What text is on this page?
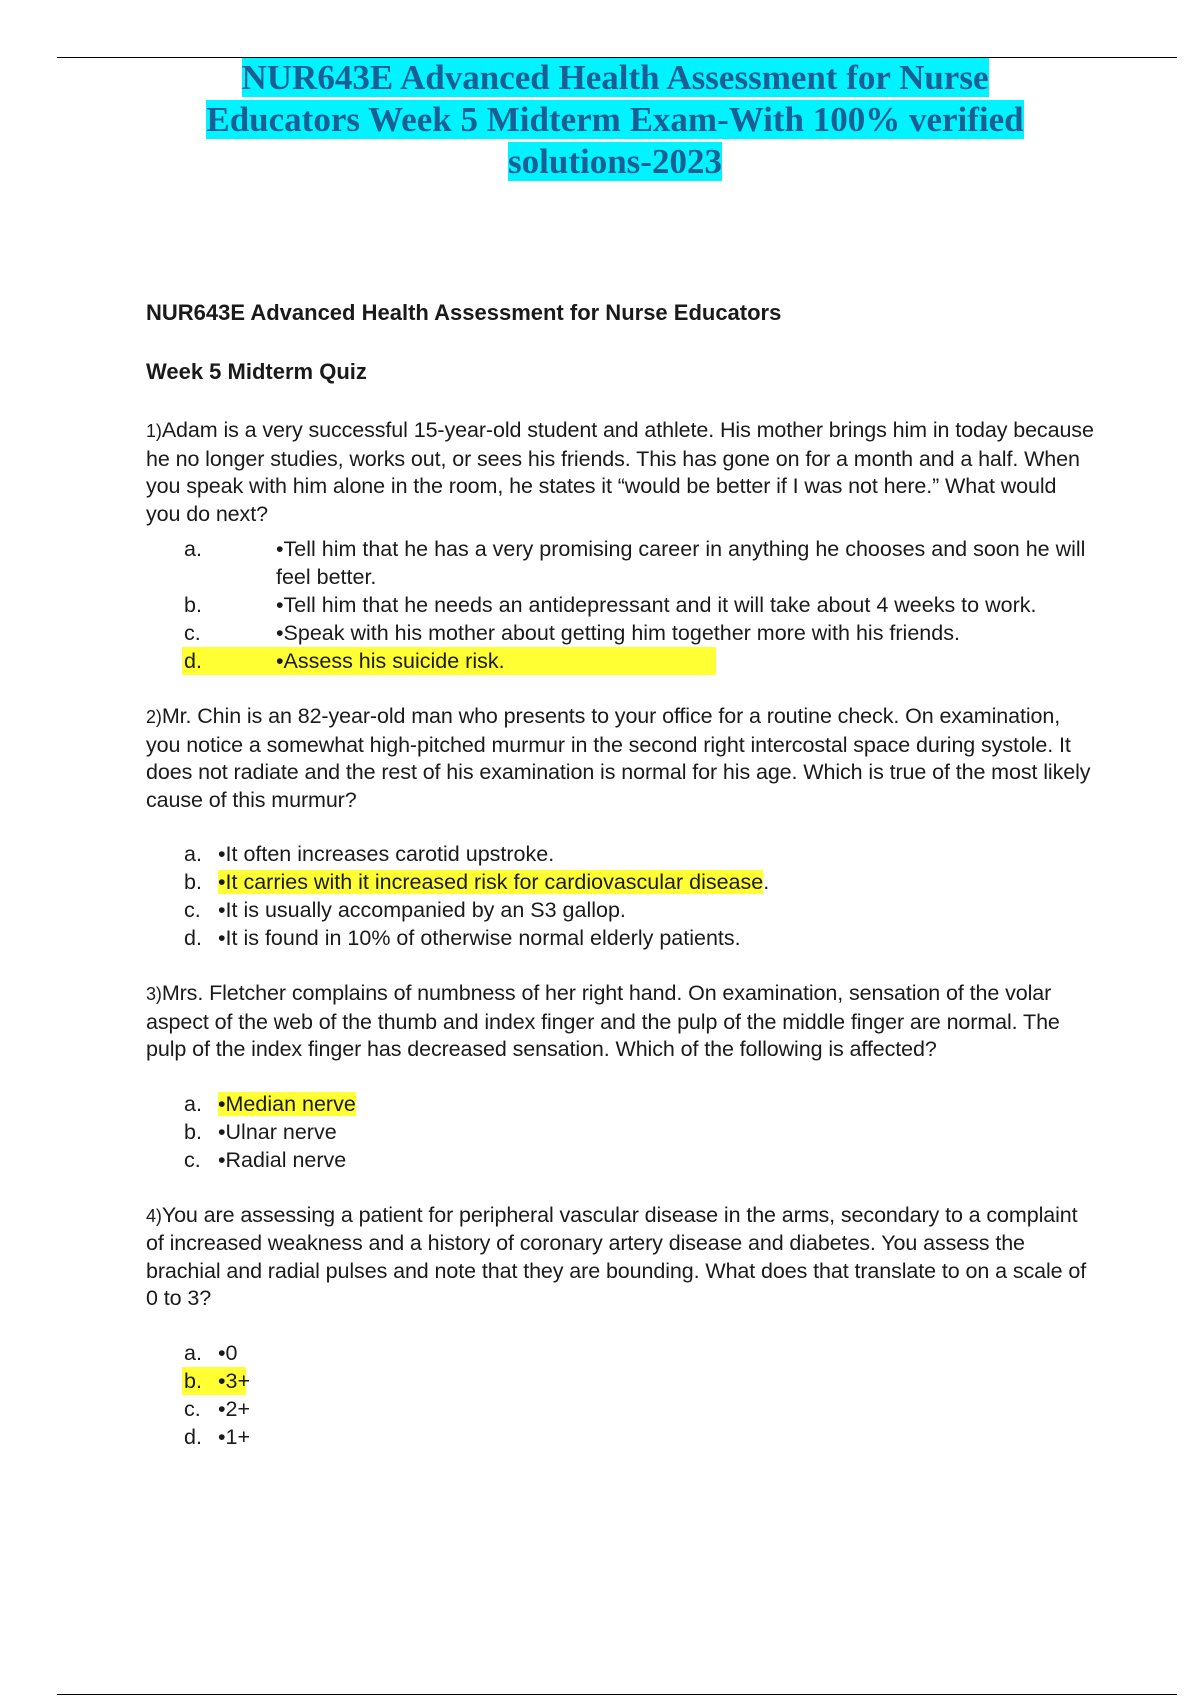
NUR643E Advanced Health Assessment for Nurse
Educators Week 5 Midterm Exam-With 100% verified
solutions-2023

NUR643E Advanced Health Assessment for Nurse Educators

Week 5 Midterm Quiz

1)Adam is a very successful 15-year-old student and athlete. His mother brings him in today because he no longer studies, works out, or sees his friends. This has gone on for a month and a half. When you speak with him alone in the room, he states it “would be better if I was not here.” What would you do next?

a.	•Tell him that he has a very promising career in anything he chooses and soon he will feel better.
b.	•Tell him that he needs an antidepressant and it will take about 4 weeks to work.
c.	•Speak with his mother about getting him together more with his friends.
d.	•Assess his suicide risk.

2)Mr. Chin is an 82-year-old man who presents to your office for a routine check. On examination, you notice a somewhat high-pitched murmur in the second right intercostal space during systole. It does not radiate and the rest of his examination is normal for his age. Which is true of the most likely cause of this murmur?

a. •It often increases carotid upstroke.
b. •It carries with it increased risk for cardiovascular disease.
c. •It is usually accompanied by an S3 gallop.
d. •It is found in 10% of otherwise normal elderly patients.

3)Mrs. Fletcher complains of numbness of her right hand. On examination, sensation of the volar aspect of the web of the thumb and index finger and the pulp of the middle finger are normal. The pulp of the index finger has decreased sensation. Which of the following is affected?

a. •Median nerve
b. •Ulnar nerve
c. •Radial nerve

4)You are assessing a patient for peripheral vascular disease in the arms, secondary to a complaint of increased weakness and a history of coronary artery disease and diabetes. You assess the brachial and radial pulses and note that they are bounding. What does that translate to on a scale of 0 to 3?

a. •0
b. •3+
c. •2+
d. •1+
